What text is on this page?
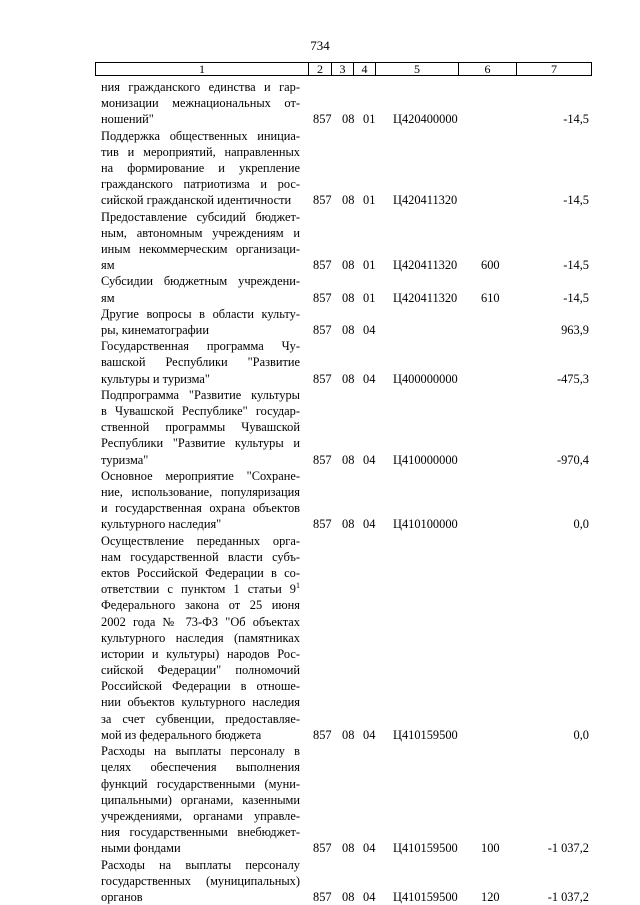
734
1	2	3	4	5	6	7
ния гражданского единства и гар-
монизации межнациональных от-
ношений"	857 08 01 Ц420400000	-14,5
Поддержка общественных инициа-
тив и мероприятий, направленных
на формирование и укрепление
гражданского патриотизма и рос-
сийской гражданской идентичности	857 08 01 Ц420411320	-14,5
Предоставление субсидий бюджет-
ным, автономным учреждениям и
иным некоммерческим организаци-
ям	857 08 01 Ц420411320 600	-14,5
Субсидии бюджетным учреждени-
ям	857 08 01 Ц420411320 610	-14,5
Другие вопросы в области культу-
ры, кинематографии	857 08 04	963,9
Государственная программа Чу-
вашской Республики "Развитие
культуры и туризма"	857 08 04 Ц400000000	-475,3
Подпрограмма "Развитие культуры
в Чувашской Республике" государ-
ственной программы Чувашской
Республики "Развитие культуры и
туризма"	857 08 04 Ц410000000	-970,4
Основное мероприятие "Сохране-
ние, использование, популяризация
и государственная охрана объектов
культурного наследия"	857 08 04 Ц410100000	0,0
Осуществление переданных орга-
нам государственной власти субъ-
ектов Российской Федерации в со-
ответствии с пунктом 1 статьи $9^1$
Федерального закона от 25 июня
2002 года № 73-ФЗ "Об объектах
культурного наследия (памятниках
истории и культуры) народов Рос-
сийской Федерации" полномочий
Российской Федерации в отноше-
нии объектов культурного наследия
за счет субвенции, предоставляе-
мой из федерального бюджета	857 08 04 Ц410159500	0,0
Расходы на выплаты персоналу в
целях обеспечения выполнения
функций государственными (муни-
ципальными) органами, казенными
учреждениями, органами управле-
ния государственными внебюджет-
ными фондами	857 08 04 Ц410159500 100	-1 037,2
Расходы на выплаты персоналу
государственных (муниципальных)
органов	857 08 04 Ц410159500 120	-1 037,2
